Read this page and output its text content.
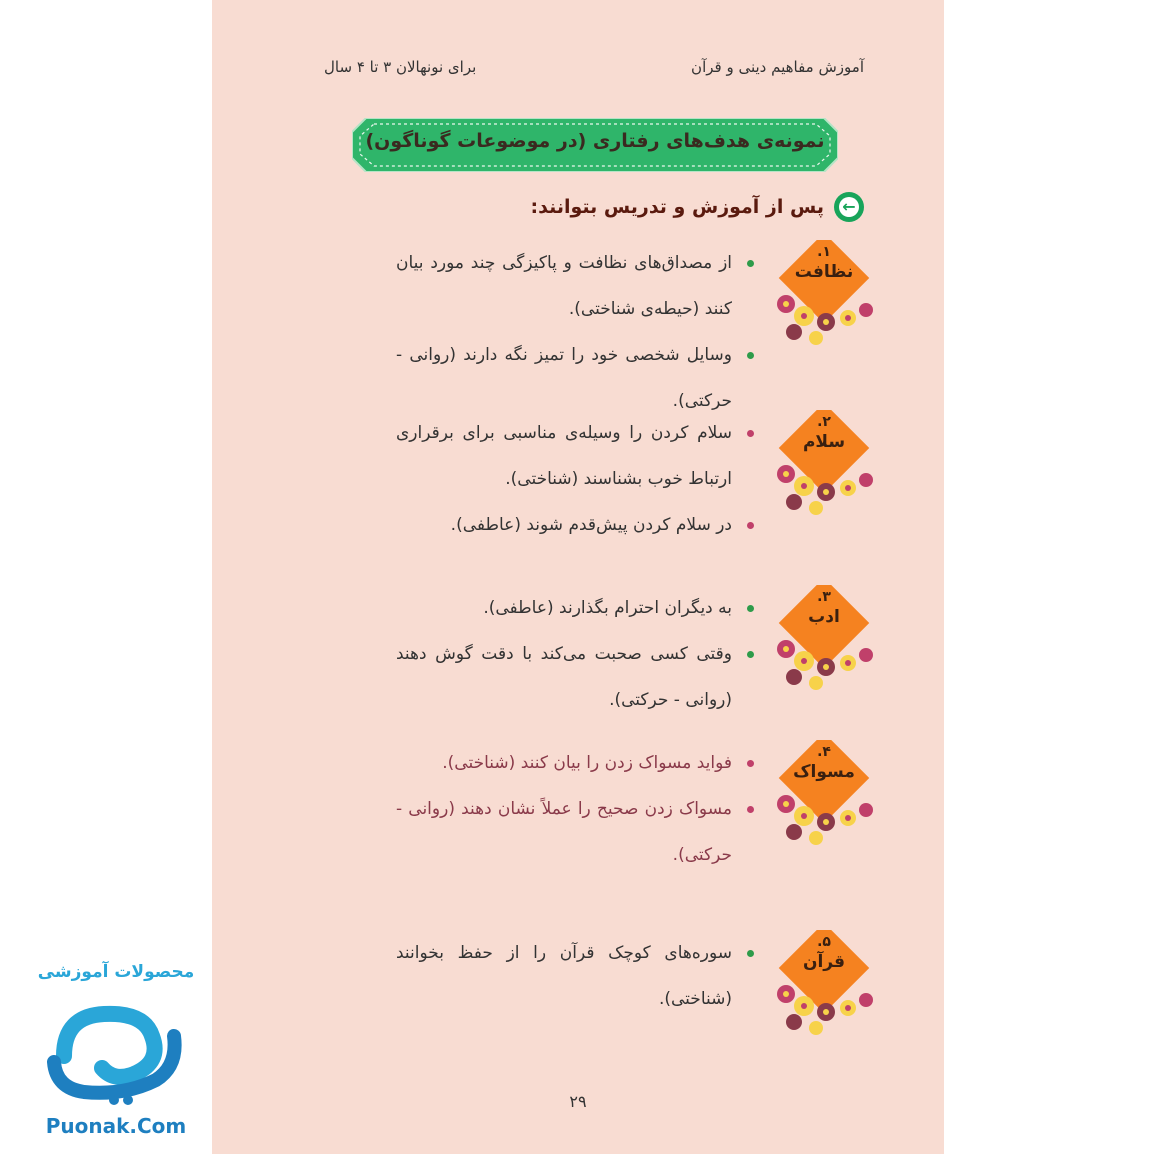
آموزش مفاهیم دینی و قرآن
برای نونهالان ۳ تا ۴ سال
نمونه‌ی هدف‌های رفتاری (در موضوعات گوناگون)
←
پس از آموزش و تدریس بتوانند:
۱.
نظافت
از مصداق‌های نظافت و پاکیزگی چند مورد بیان کنند (حیطه‌ی شناختی).
وسایل شخصی خود را تمیز نگه دارند (روانی - حرکتی).
۲.
سلام
سلام کردن را وسیله‌ی مناسبی برای برقراری ارتباط خوب بشناسند (شناختی).
در سلام کردن پیش‌قدم شوند (عاطفی).
۳.
ادب
به دیگران احترام بگذارند (عاطفی).
وقتی کسی صحبت می‌کند با دقت گوش دهند (روانی - حرکتی).
۴.
مسواک
فواید مسواک زدن را بیان کنند (شناختی).
مسواک زدن صحیح را عملاً نشان دهند (روانی - حرکتی).
۵.
قرآن
سوره‌های کوچک قرآن را از حفظ بخوانند (شناختی).
۲۹
محصولات آموزشی
Puonak.Com
